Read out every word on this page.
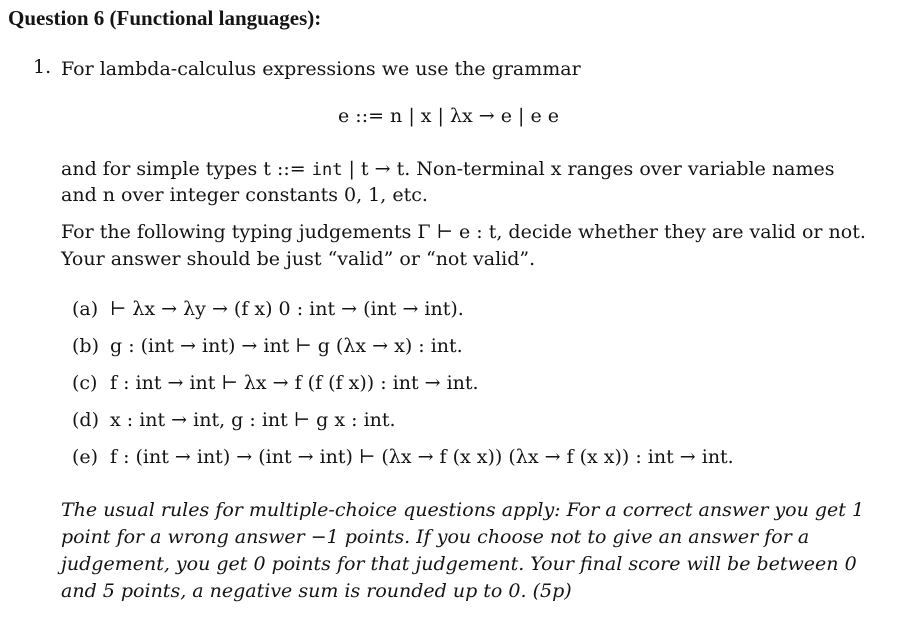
Question 6 (Functional languages):
1. For lambda-calculus expressions we use the grammar
e ::= n | x | λx → e | e e
and for simple types t ::= int | t → t. Non-terminal x ranges over variable names
and n over integer constants 0, 1, etc.
For the following typing judgements Γ ⊢ e : t, decide whether they are valid or not.
Your answer should be just “valid” or “not valid”.
(a) ⊢ λx → λy → (f x) 0 : int → (int → int).
(b) g : (int → int) → int ⊢ g (λx → x) : int.
(c) f : int → int ⊢ λx → f (f (f x)) : int → int.
(d) x : int → int, g : int ⊢ g x : int.
(e) f : (int → int) → (int → int) ⊢ (λx → f (x x)) (λx → f (x x)) : int → int.
The usual rules for multiple-choice questions apply: For a correct answer you get 1 point for a wrong answer −1 points. If you choose not to give an answer for a judgement, you get 0 points for that judgement. Your final score will be between 0 and 5 points, a negative sum is rounded up to 0. (5p)
